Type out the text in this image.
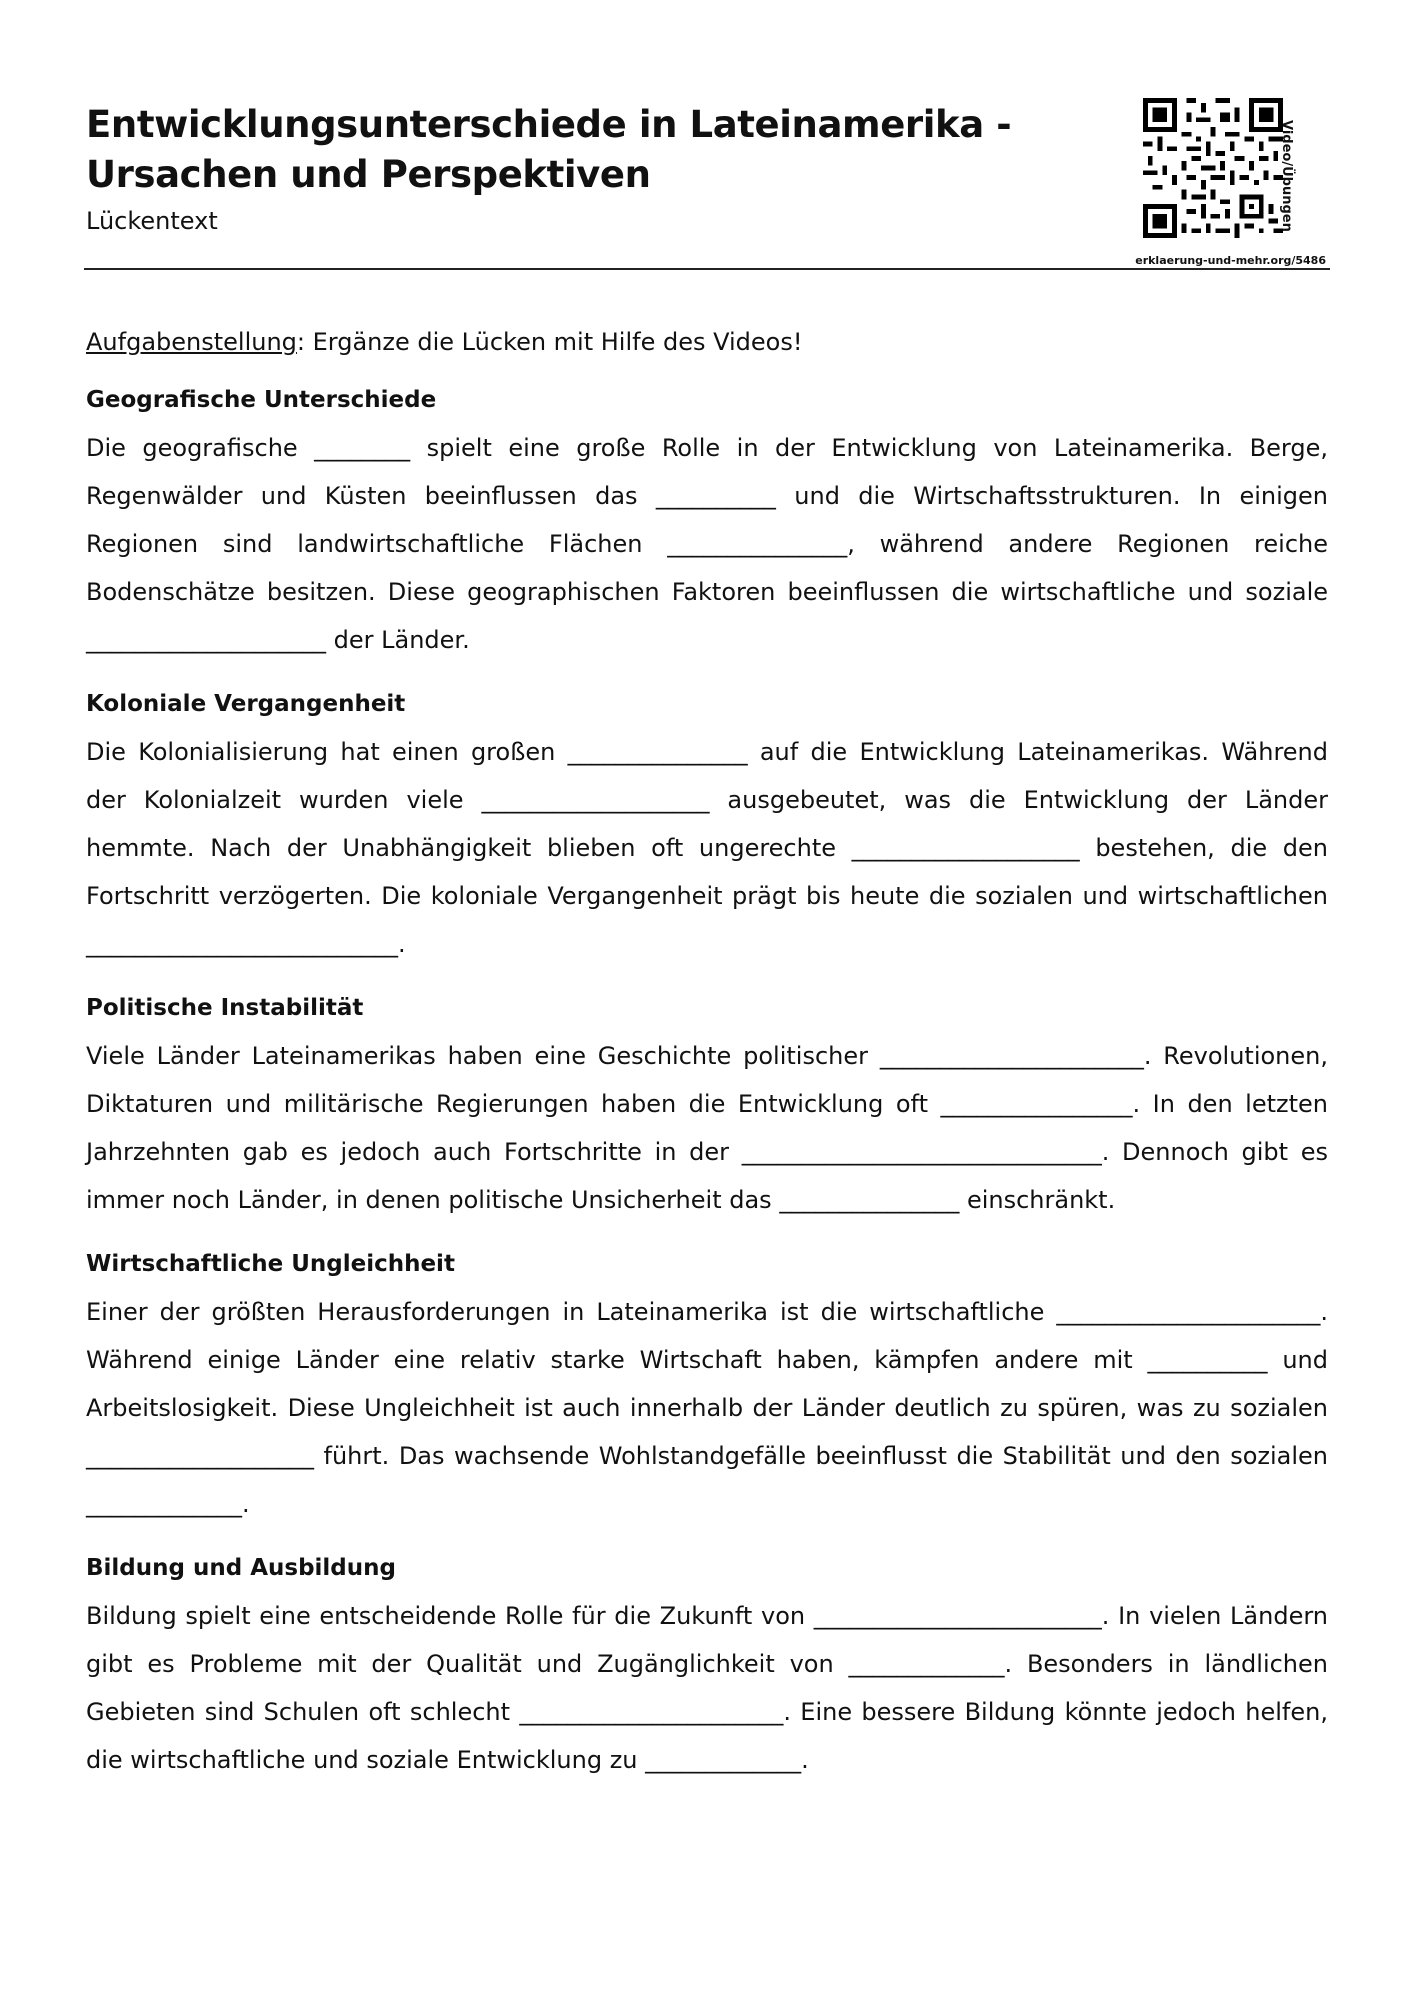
Entwicklungsunterschiede in Lateinamerika - Ursachen und Perspektiven
Lückentext	Video/Übungen
erklaerung-und-mehr.org/5486

Aufgabenstellung: Ergänze die Lücken mit Hilfe des Videos!

Geografische Unterschiede

Die geografische ________ spielt eine große Rolle in der Entwicklung von Lateinamerika. Berge, Regenwälder und Küsten beeinflussen das __________ und die Wirtschaftsstrukturen. In einigen Regionen sind landwirtschaftliche Flächen _______________, während andere Regionen reiche Bodenschätze besitzen. Diese geographischen Faktoren beeinflussen die wirtschaftliche und soziale ____________________ der Länder.

Koloniale Vergangenheit

Die Kolonialisierung hat einen großen _______________ auf die Entwicklung Lateinamerikas. Während der Kolonialzeit wurden viele ___________________ ausgebeutet, was die Entwicklung der Länder hemmte. Nach der Unabhängigkeit blieben oft ungerechte ___________________ bestehen, die den Fortschritt verzögerten. Die koloniale Vergangenheit prägt bis heute die sozialen und wirtschaftlichen __________________________.

Politische Instabilität

Viele Länder Lateinamerikas haben eine Geschichte politischer ______________________. Revolutionen, Diktaturen und militärische Regierungen haben die Entwicklung oft ________________. In den letzten Jahrzehnten gab es jedoch auch Fortschritte in der ______________________________. Dennoch gibt es immer noch Länder, in denen politische Unsicherheit das _______________ einschränkt.

Wirtschaftliche Ungleichheit

Einer der größten Herausforderungen in Lateinamerika ist die wirtschaftliche ______________________. Während einige Länder eine relativ starke Wirtschaft haben, kämpfen andere mit __________ und Arbeitslosigkeit. Diese Ungleichheit ist auch innerhalb der Länder deutlich zu spüren, was zu sozialen ___________________ führt. Das wachsende Wohlstandgefälle beeinflusst die Stabilität und den sozialen _____________.

Bildung und Ausbildung

Bildung spielt eine entscheidende Rolle für die Zukunft von ________________________. In vielen Ländern gibt es Probleme mit der Qualität und Zugänglichkeit von _____________. Besonders in ländlichen Gebieten sind Schulen oft schlecht ______________________. Eine bessere Bildung könnte jedoch helfen, die wirtschaftliche und soziale Entwicklung zu _____________.
